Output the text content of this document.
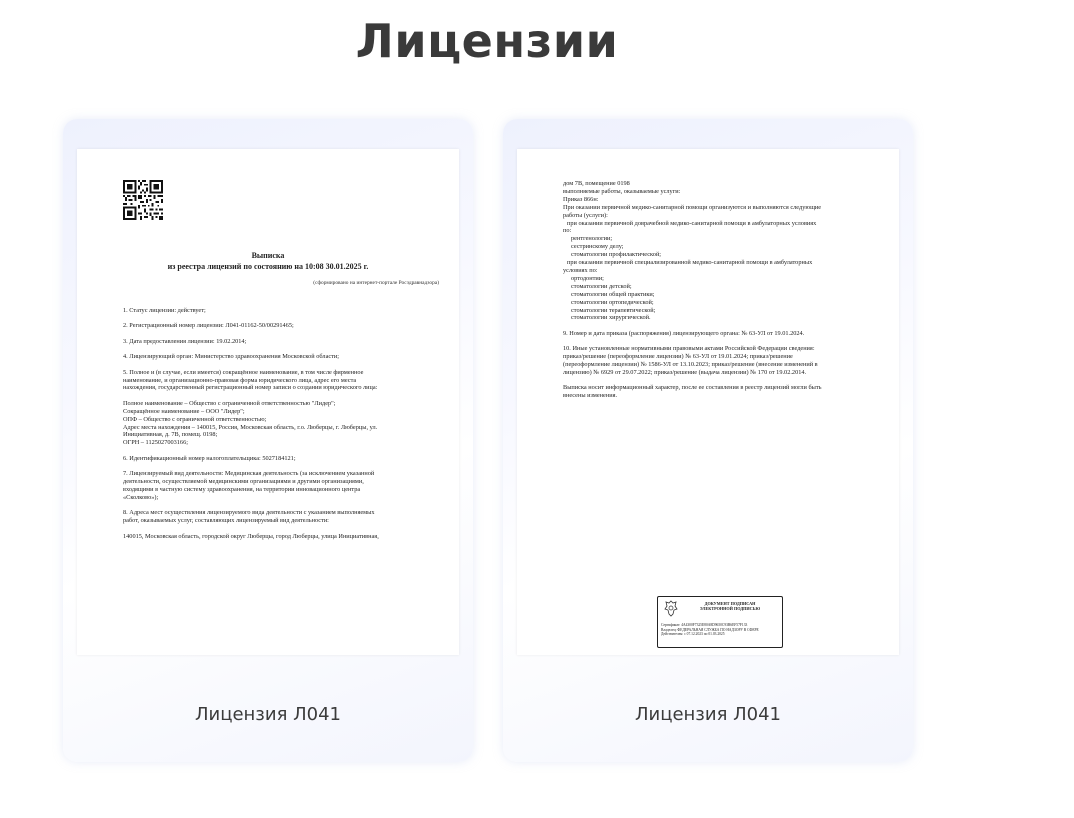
Лицензии
Выписка
из реестра лицензий по состоянию на 10:08 30.01.2025 г.
(сформировано на интернет-портале Росздравнадзора)

1. Статус лицензии: действует;

2. Регистрационный номер лицензии: Л041-01162-50/00291465;

3. Дата предоставления лицензии: 19.02.2014;

4. Лицензирующий орган: Министерство здравоохранения Московской области;

5. Полное и (в случае, если имеется) сокращённое наименование, в том числе фирменное
наименование, и организационно-правовая форма юридического лица, адрес его места
нахождения, государственный регистрационный номер записи о создании юридического лица:

Полное наименование – Общество с ограниченной ответственностью "Лидер";
Сокращённое наименование – ООО "Лидер";
ОПФ – Общество с ограниченной ответственностью;
Адрес места нахождения – 140015, Россия, Московская область, г.о. Люберцы, г. Люберцы, ул.
Инициативная, д. 7В, помещ. 0198;
ОГРН – 1125027003166;

6. Идентификационный номер налогоплательщика: 5027184121;

7. Лицензируемый вид деятельности: Медицинская деятельность (за исключением указанной
деятельности, осуществляемой медицинскими организациями и другими организациями,
входящими в частную систему здравоохранения, на территории инновационного центра
«Сколково»);

8. Адреса мест осуществления лицензируемого вида деятельности с указанием выполняемых
работ, оказываемых услуг, составляющих лицензируемый вид деятельности:

140015, Московская область, городской округ Люберцы, город Люберцы, улица Инициативная,

Лицензия Л041
дом 7В, помещение 0198
выполняемые работы, оказываемые услуги:
Приказ 866н:
При оказании первичной медико-санитарной помощи организуются и выполняются следующие
работы (услуги):
при оказании первичной доврачебной медико-санитарной помощи в амбулаторных условиях
по:
рентгенологии;
сестринскому делу;
стоматологии профилактической;
при оказании первичной специализированной медико-санитарной помощи в амбулаторных
условиях по:
ортодонтии;
стоматологии детской;
стоматологии общей практики;
стоматологии ортопедической;
стоматологии терапевтической;
стоматологии хирургической.
9. Номер и дата приказа (распоряжения) лицензирующего органа: № 63-УЛ от 19.01.2024.
10. Иные установленные нормативными правовыми актами Российской Федерации сведения:
приказ/решение (переоформление лицензии) № 63-УЛ от 19.01.2024; приказ/решение
(переоформление лицензии) № 1586-УЛ от 13.10.2023; приказ/решение (внесение изменений в
лицензию) № 6929 от 29.07.2022; приказ/решение (выдача лицензии) № 170 от 19.02.2014.
Выписка носит информационный характер, после ее составления в реестр лицензий могли быть
внесены изменения.
ДОКУМЕНТ ПОДПИСАН
ЭЛЕКТРОННОЙ ПОДПИСЬЮ
Сертификат: 4A4300F7325E80A8D9650C93B6EF57F133
Владелец: ФЕДЕРАЛЬНАЯ СЛУЖБА ПО НАДЗОРУ В СФЕРЕ
Действителен: с 07.12.2023 по 01.03.2025
Лицензия Л041
